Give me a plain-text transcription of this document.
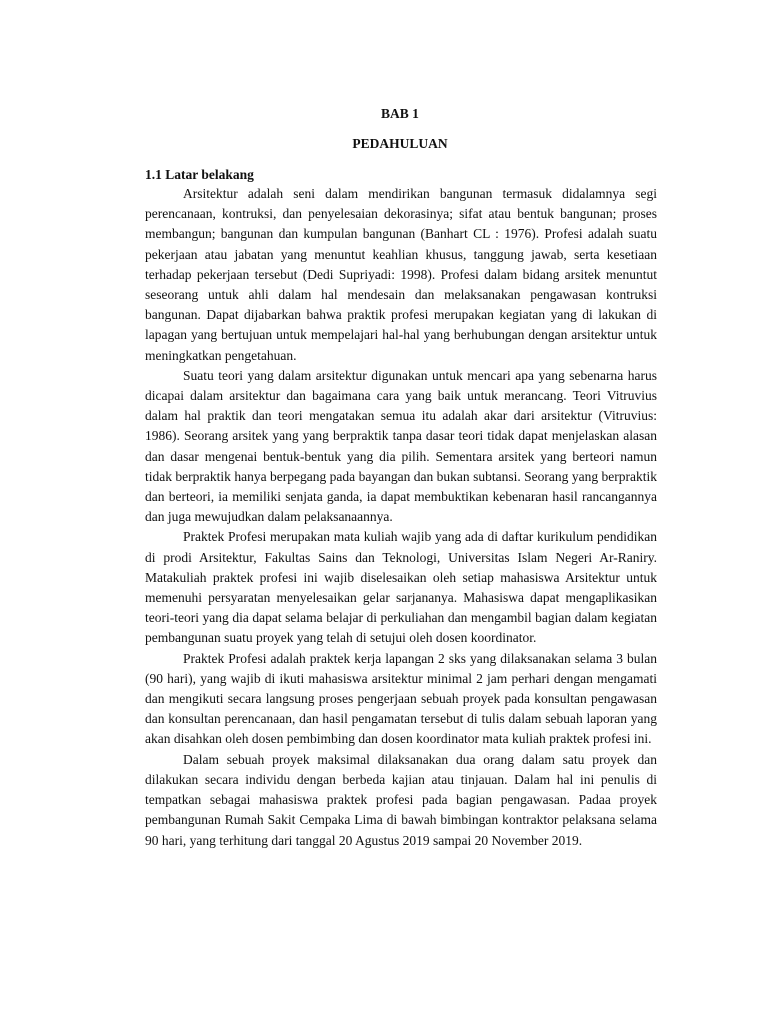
BAB 1
PEDAHULUAN

1.1 Latar belakang

Arsitektur adalah seni dalam mendirikan bangunan termasuk didalamnya segi perencanaan, kontruksi, dan penyelesaian dekorasinya; sifat atau bentuk bangunan; proses membangun; bangunan dan kumpulan bangunan (Banhart CL : 1976). Profesi adalah suatu pekerjaan atau jabatan yang menuntut keahlian khusus, tanggung jawab, serta kesetiaan terhadap pekerjaan tersebut (Dedi Supriyadi: 1998). Profesi dalam bidang arsitek menuntut seseorang untuk ahli dalam hal mendesain dan melaksanakan pengawasan kontruksi bangunan. Dapat dijabarkan bahwa praktik profesi merupakan kegiatan yang di lakukan di lapagan yang bertujuan untuk mempelajari hal-hal yang berhubungan dengan arsitektur untuk meningkatkan pengetahuan.

Suatu teori yang dalam arsitektur digunakan untuk mencari apa yang sebenarna harus dicapai dalam arsitektur dan bagaimana cara yang baik untuk merancang. Teori Vitruvius dalam hal praktik dan teori mengatakan semua itu adalah akar dari arsitektur (Vitruvius: 1986). Seorang arsitek yang yang berpraktik tanpa dasar teori tidak dapat menjelaskan alasan dan dasar mengenai bentuk-bentuk yang dia pilih. Sementara arsitek yang berteori namun tidak berpraktik hanya berpegang pada bayangan dan bukan subtansi. Seorang yang berpraktik dan berteori, ia memiliki senjata ganda, ia dapat membuktikan kebenaran hasil rancangannya dan juga mewujudkan dalam pelaksanaannya.

Praktek Profesi merupakan mata kuliah wajib yang ada di daftar kurikulum pendidikan di prodi Arsitektur, Fakultas Sains dan Teknologi, Universitas Islam Negeri Ar-Raniry. Matakuliah praktek profesi ini wajib diselesaikan oleh setiap mahasiswa Arsitektur untuk memenuhi persyaratan menyelesaikan gelar sarjananya. Mahasiswa dapat mengaplikasikan teori-teori yang dia dapat selama belajar di perkuliahan dan mengambil bagian dalam kegiatan pembangunan suatu proyek yang telah di setujui oleh dosen koordinator.

Praktek Profesi adalah praktek kerja lapangan 2 sks yang dilaksanakan selama 3 bulan (90 hari), yang wajib di ikuti mahasiswa arsitektur minimal 2 jam perhari dengan mengamati dan mengikuti secara langsung proses pengerjaan sebuah proyek pada konsultan pengawasan dan konsultan perencanaan, dan hasil pengamatan tersebut di tulis dalam sebuah laporan yang akan disahkan oleh dosen pembimbing dan dosen koordinator mata kuliah praktek profesi ini.

Dalam sebuah proyek maksimal dilaksanakan dua orang dalam satu proyek dan dilakukan secara individu dengan berbeda kajian atau tinjauan. Dalam hal ini penulis di tempatkan sebagai mahasiswa praktek profesi pada bagian pengawasan. Padaa proyek pembangunan Rumah Sakit Cempaka Lima di bawah bimbingan kontraktor pelaksana selama 90 hari, yang terhitung dari tanggal 20 Agustus 2019 sampai 20 November 2019.
